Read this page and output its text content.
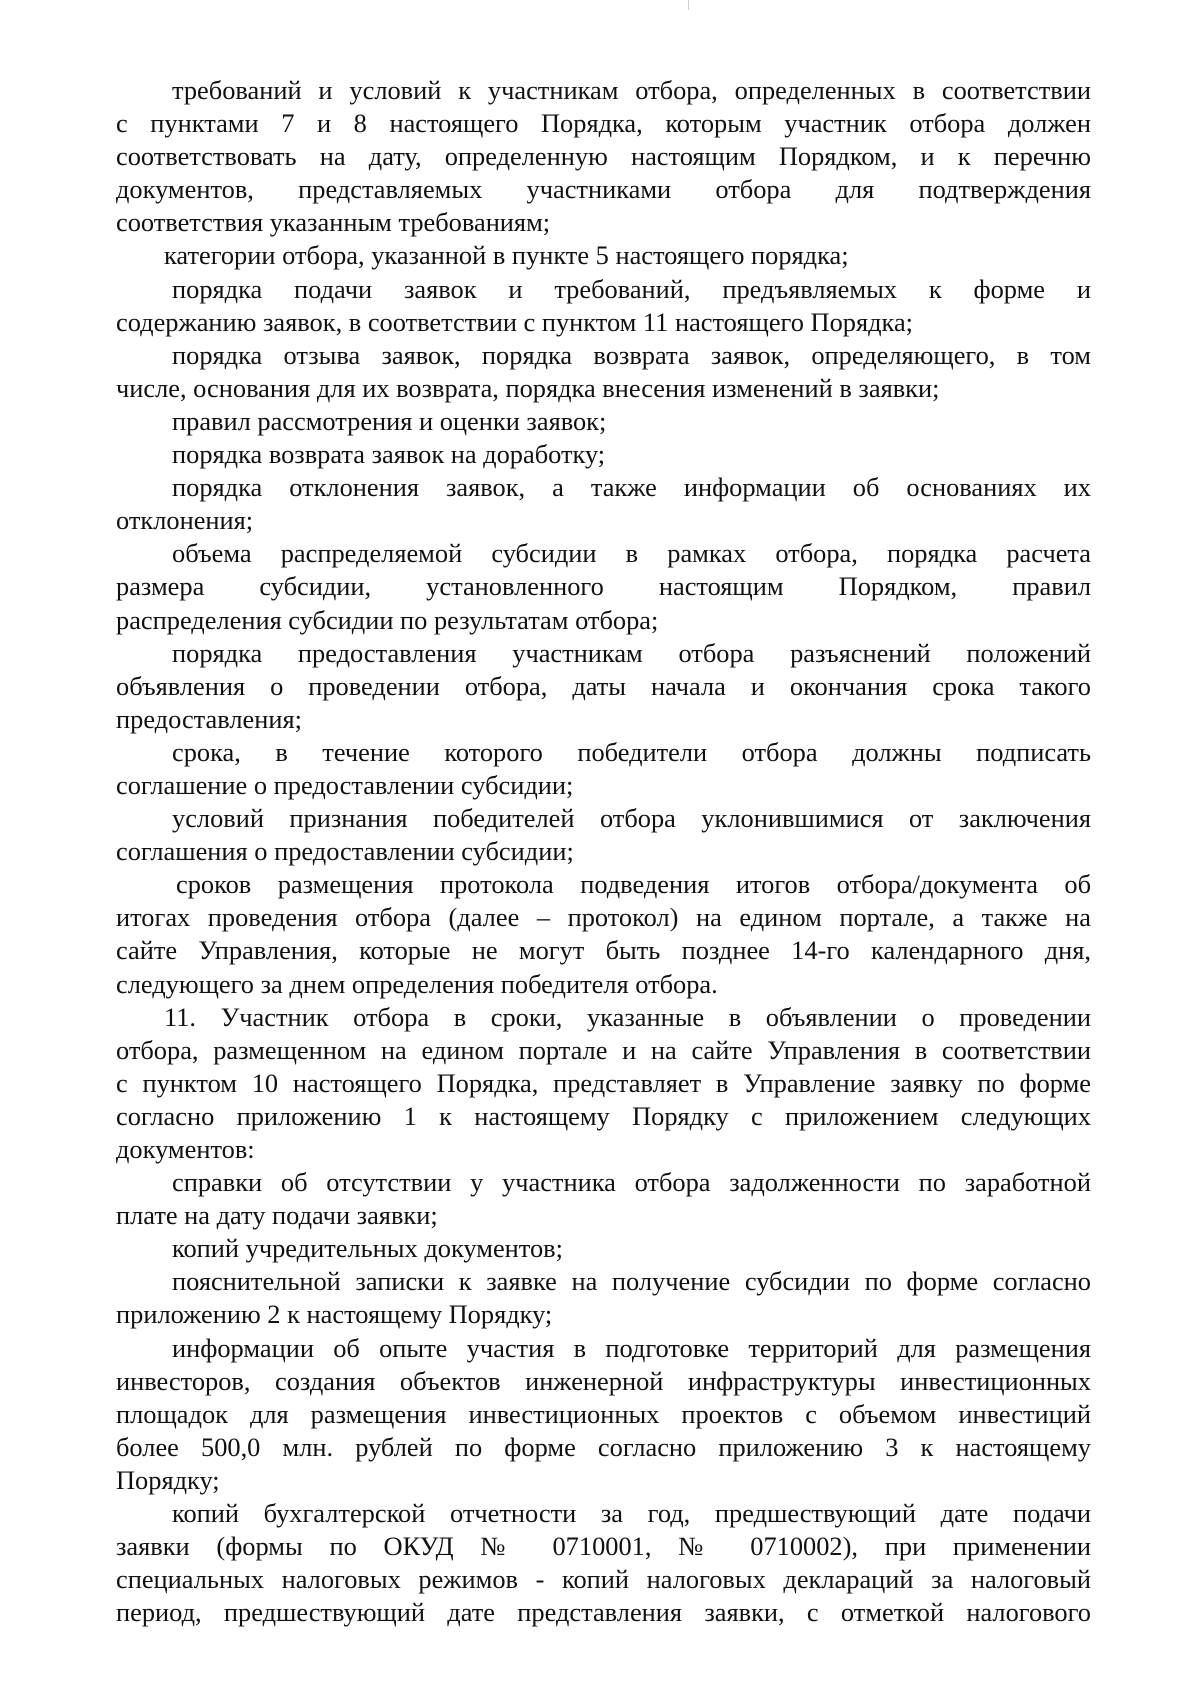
требований и условий к участникам отбора, определенных в соответствии
с пунктами 7 и 8 настоящего Порядка, которым участник отбора должен
соответствовать на дату, определенную настоящим Порядком, и к перечню
документов, представляемых участниками отбора для подтверждения
соответствия указанным требованиям;
категории отбора, указанной в пункте 5 настоящего порядка;
порядка подачи заявок и требований, предъявляемых к форме и
содержанию заявок, в соответствии с пунктом 11 настоящего Порядка;
порядка отзыва заявок, порядка возврата заявок, определяющего, в том
числе, основания для их возврата, порядка внесения изменений в заявки;
правил рассмотрения и оценки заявок;
порядка возврата заявок на доработку;
порядка отклонения заявок, а также информации об основаниях их
отклонения;
объема распределяемой субсидии в рамках отбора, порядка расчета
размера субсидии, установленного настоящим Порядком, правил
распределения субсидии по результатам отбора;
порядка предоставления участникам отбора разъяснений положений
объявления о проведении отбора, даты начала и окончания срока такого
предоставления;
срока, в течение которого победители отбора должны подписать
соглашение о предоставлении субсидии;
условий признания победителей отбора уклонившимися от заключения
соглашения о предоставлении субсидии;
сроков размещения протокола подведения итогов отбора/документа об
итогах проведения отбора (далее – протокол) на едином портале, а также на
сайте Управления, которые не могут быть позднее 14-го календарного дня,
следующего за днем определения победителя отбора.
11. Участник отбора в сроки, указанные в объявлении о проведении
отбора, размещенном на едином портале и на сайте Управления в соответствии
с пунктом 10 настоящего Порядка, представляет в Управление заявку по форме
согласно приложению 1 к настоящему Порядку с приложением следующих
документов:
справки об отсутствии у участника отбора задолженности по заработной
плате на дату подачи заявки;
копий учредительных документов;
пояснительной записки к заявке на получение субсидии по форме согласно
приложению 2 к настоящему Порядку;
информации об опыте участия в подготовке территорий для размещения
инвесторов, создания объектов инженерной инфраструктуры инвестиционных
площадок для размещения инвестиционных проектов с объемом инвестиций
более 500,0 млн. рублей по форме согласно приложению 3 к настоящему
Порядку;
копий бухгалтерской отчетности за год, предшествующий дате подачи
заявки (формы по ОКУД № 0710001, № 0710002), при применении
специальных налоговых режимов - копий налоговых деклараций за налоговый
период, предшествующий дате представления заявки, с отметкой налогового
